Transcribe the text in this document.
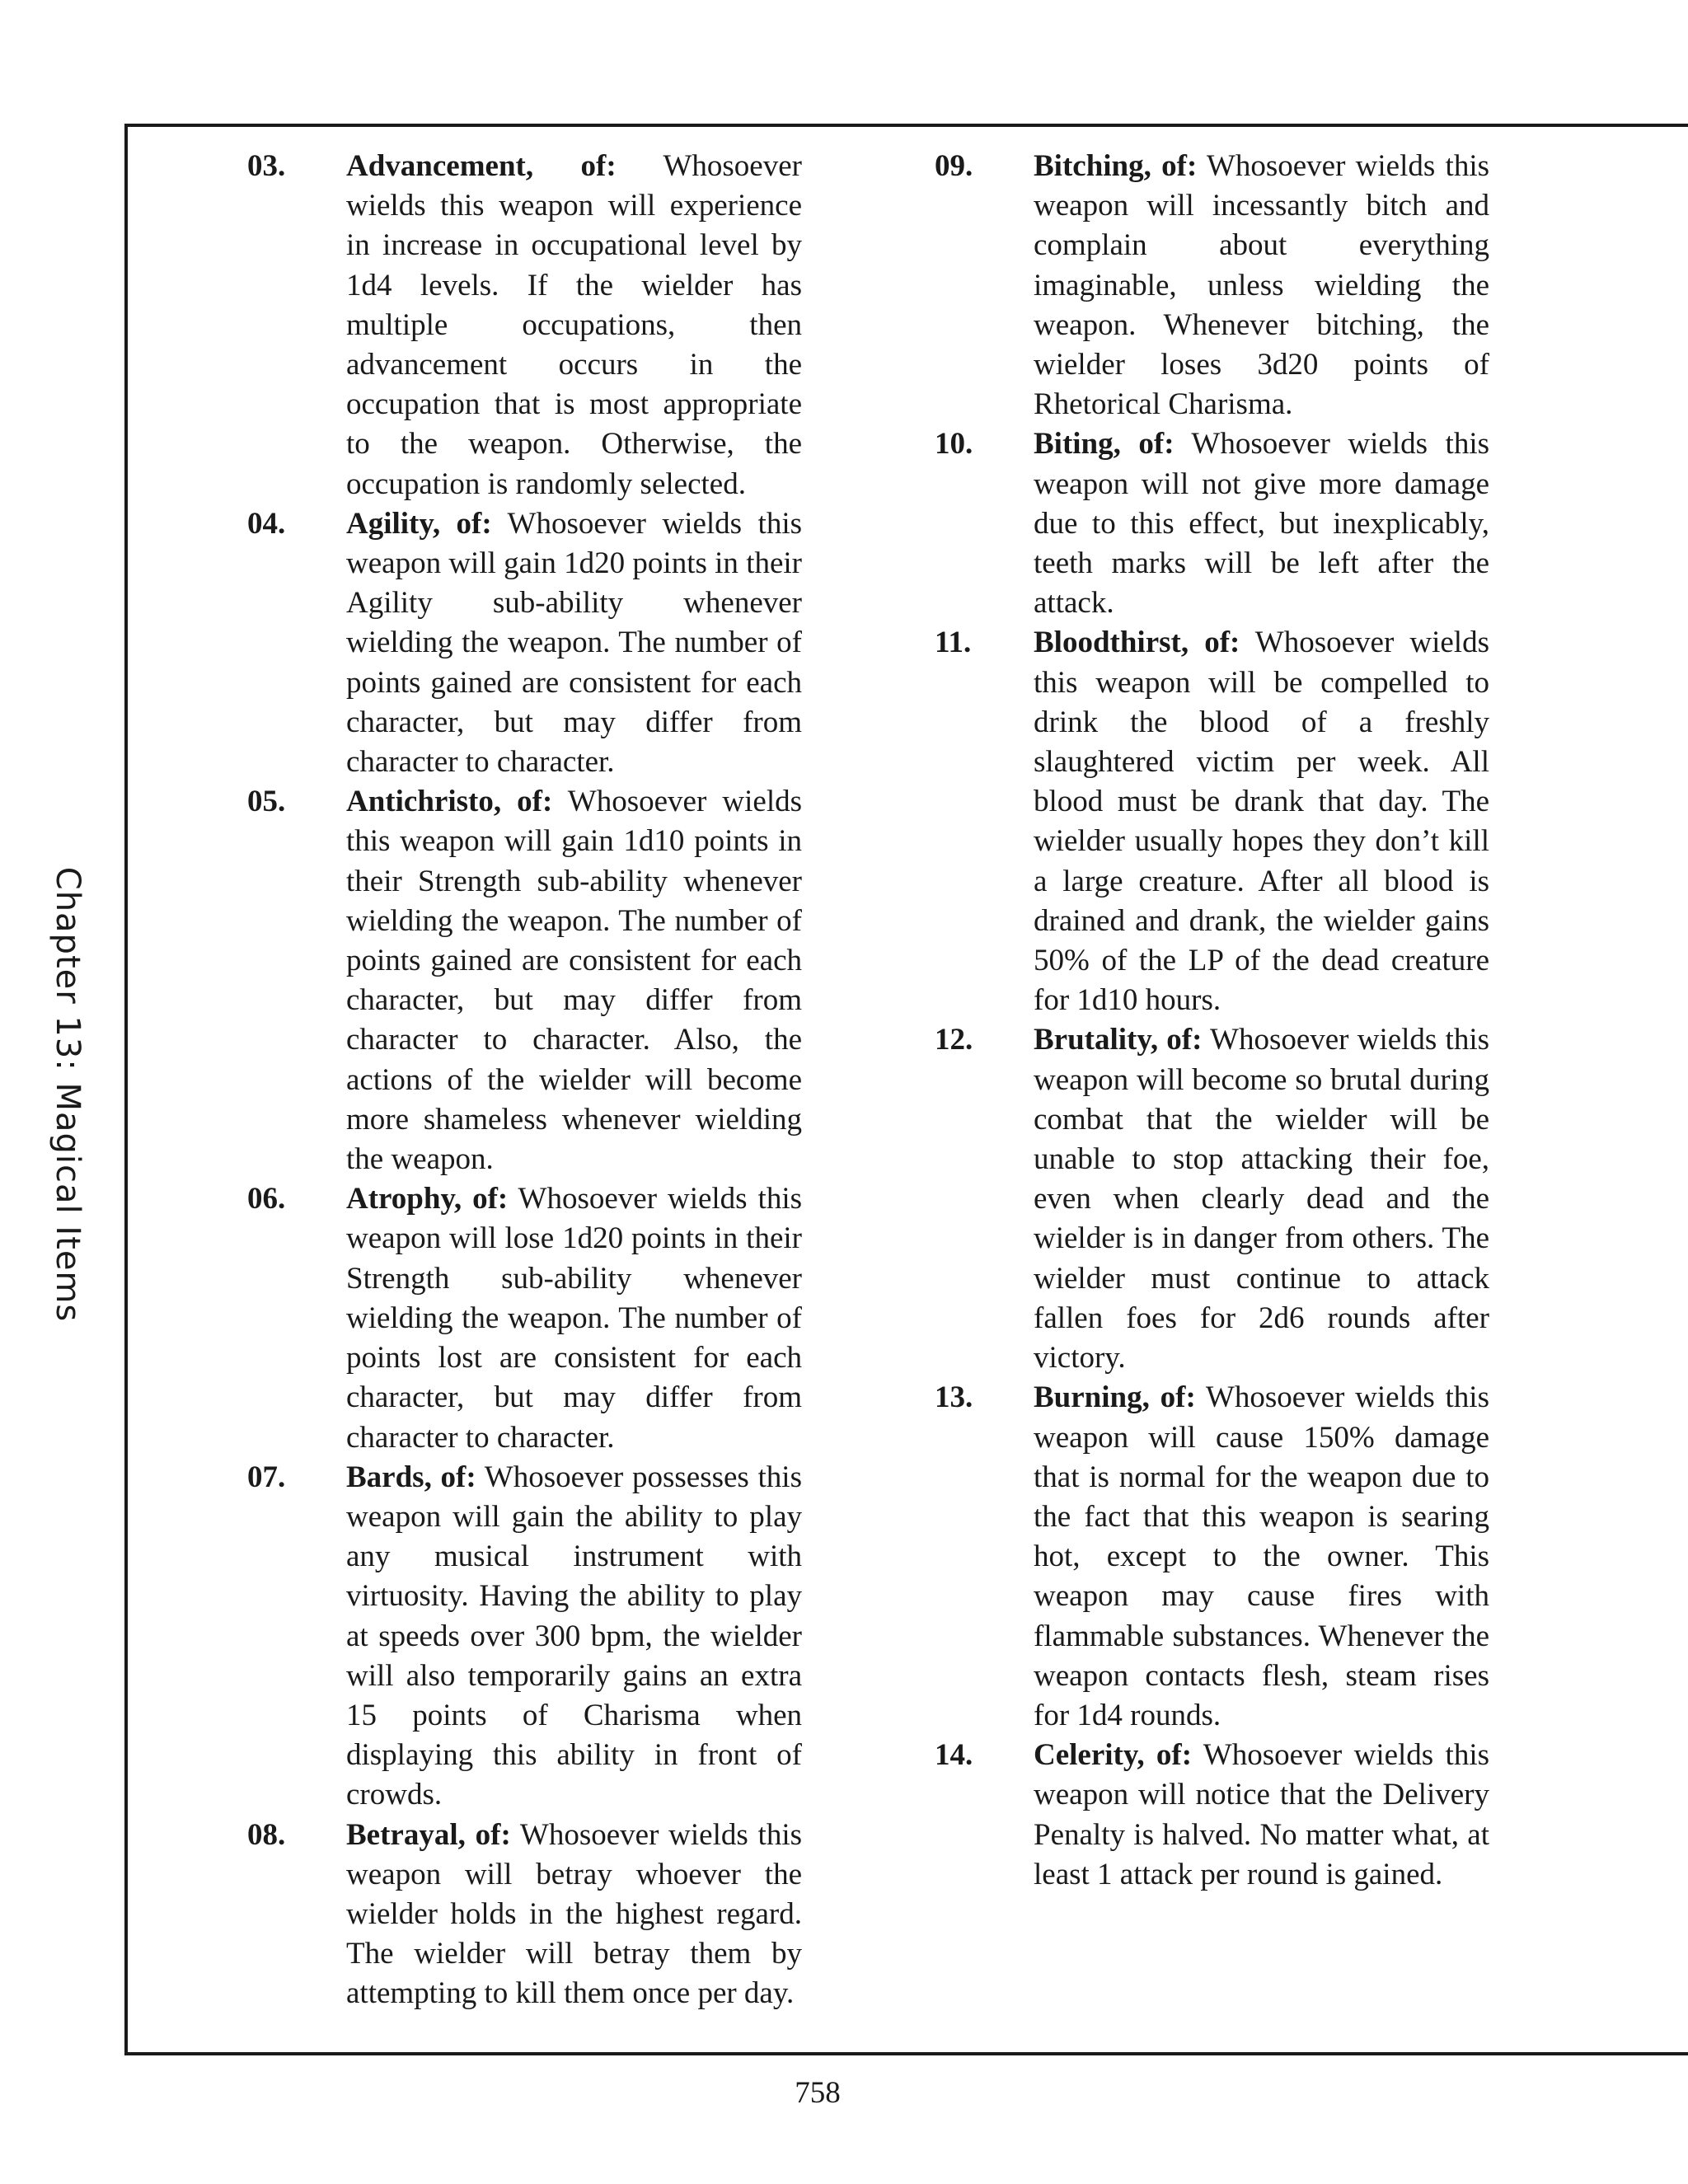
Chapter 13: Magical Items
03.	Advancement, of: Whosoever wields this weapon will experience in increase in occupational level by 1d4 levels. If the wielder has multiple occupations, then advancement occurs in the occupation that is most appropriate to the weapon. Otherwise, the occupation is randomly selected.
04.	Agility, of: Whosoever wields this weapon will gain 1d20 points in their Agility sub-ability whenever wielding the weapon. The number of points gained are consistent for each character, but may differ from character to character.
05.	Antichristo, of: Whosoever wields this weapon will gain 1d10 points in their Strength sub-ability whenever wielding the weapon. The number of points gained are consistent for each character, but may differ from character to character. Also, the actions of the wielder will become more shameless whenever wielding the weapon.
06.	Atrophy, of: Whosoever wields this weapon will lose 1d20 points in their Strength sub-ability whenever wielding the weapon. The number of points lost are consistent for each character, but may differ from character to character.
07.	Bards, of: Whosoever possesses this weapon will gain the ability to play any musical instrument with virtuosity. Having the ability to play at speeds over 300 bpm, the wielder will also temporarily gains an extra 15 points of Charisma when displaying this ability in front of crowds.
08.	Betrayal, of: Whosoever wields this weapon will betray whoever the wielder holds in the highest regard. The wielder will betray them by attempting to kill them once per day.
09.	Bitching, of: Whosoever wields this weapon will incessantly bitch and complain about everything imaginable, unless wielding the weapon. Whenever bitching, the wielder loses 3d20 points of Rhetorical Charisma.
10.	Biting, of: Whosoever wields this weapon will not give more damage due to this effect, but inexplicably, teeth marks will be left after the attack.
11.	Bloodthirst, of: Whosoever wields this weapon will be compelled to drink the blood of a freshly slaughtered victim per week. All blood must be drank that day. The wielder usually hopes they don’t kill a large creature. After all blood is drained and drank, the wielder gains 50% of the LP of the dead creature for 1d10 hours.
12.	Brutality, of: Whosoever wields this weapon will become so brutal during combat that the wielder will be unable to stop attacking their foe, even when clearly dead and the wielder is in danger from others. The wielder must continue to attack fallen foes for 2d6 rounds after victory.
13.	Burning, of: Whosoever wields this weapon will cause 150% damage that is normal for the weapon due to the fact that this weapon is searing hot, except to the owner. This weapon may cause fires with flammable substances. Whenever the weapon contacts flesh, steam rises for 1d4 rounds.
14.	Celerity, of: Whosoever wields this weapon will notice that the Delivery Penalty is halved. No matter what, at least 1 attack per round is gained.
758
